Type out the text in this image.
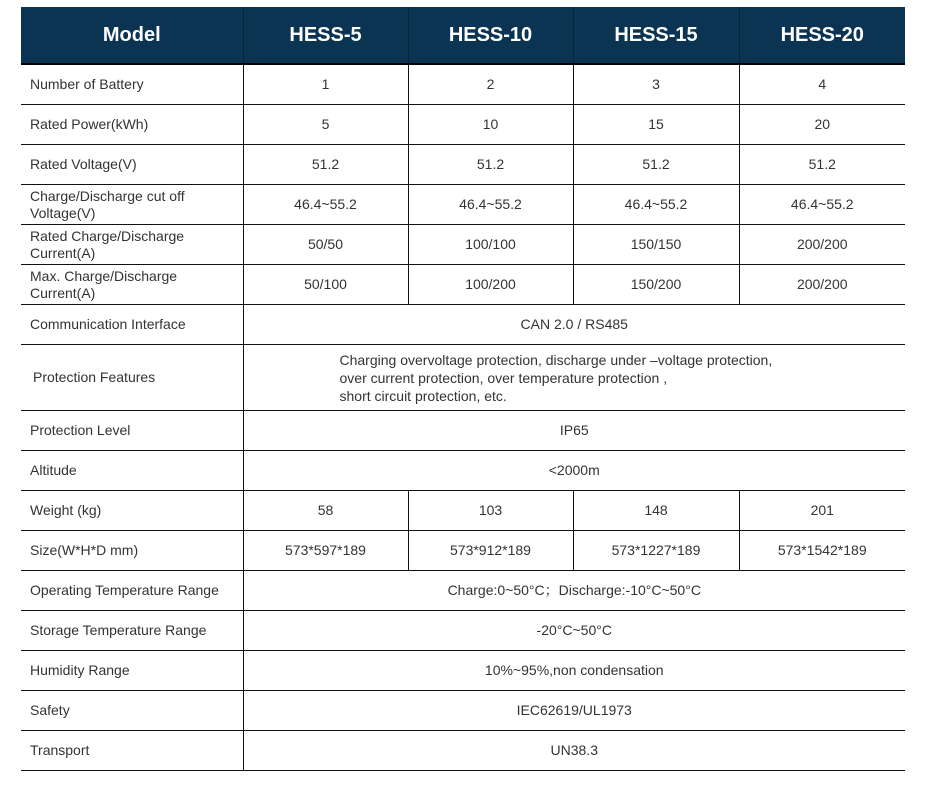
Model	HESS-5	HESS-10	HESS-15	HESS-20
Number of Battery	1	2	3	4
Rated Power(kWh)	5	10	15	20
Rated Voltage(V)	51.2	51.2	51.2	51.2
Charge/Discharge cut off Voltage(V)	46.4~55.2	46.4~55.2	46.4~55.2	46.4~55.2
Rated Charge/Discharge Current(A)	50/50	100/100	150/150	200/200
Max. Charge/Discharge Current(A)	50/100	100/200	150/200	200/200
Communication Interface	CAN 2.0 / RS485			
Protection Features	Charging overvoltage protection, discharge under –voltage protection,
over current protection, over temperature protection ,
short circuit protection, etc.			

Protection Level	IP65			
Altitude	<2000m			
Weight (kg)	58	103	148	201
Size(W*H*D mm)	573*597*189	573*912*189	573*1227*189	573*1542*189
Operating Temperature Range	Charge:0~50°C；Discharge:-10°C~50°C			
Storage Temperature Range	-20°C~50°C			
Humidity Range	10%~95%,non condensation			
Safety	IEC62619/UL1973			
Transport	UN38.3			
